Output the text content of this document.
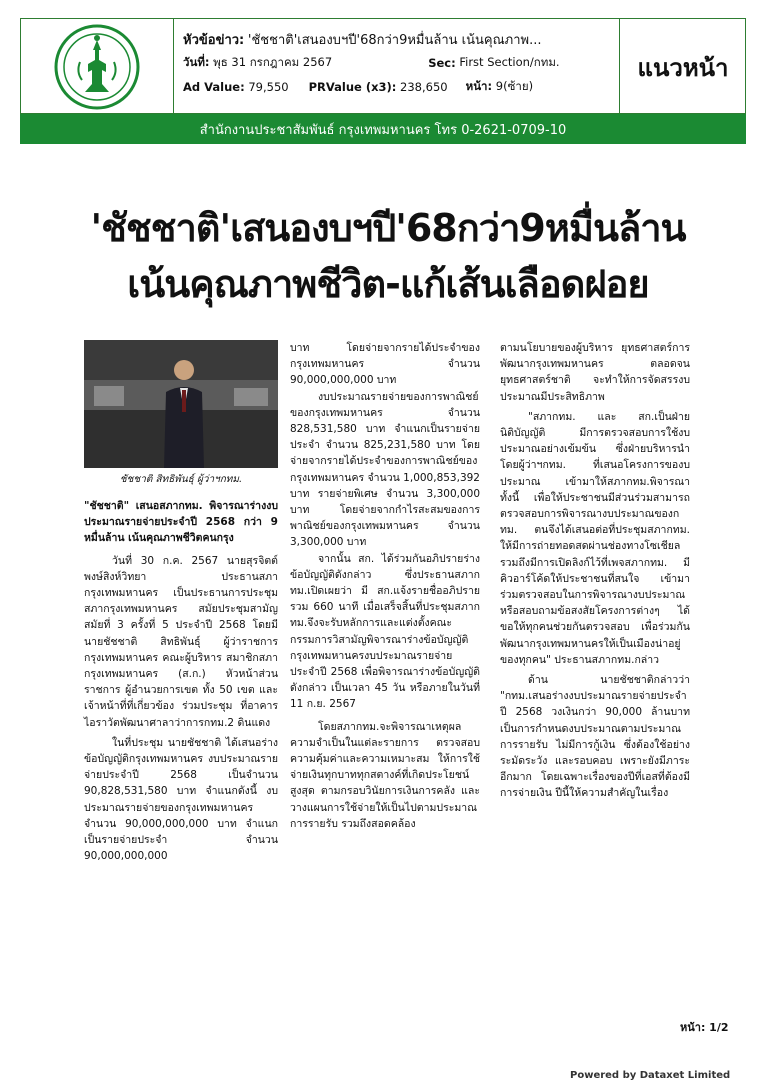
หัวข้อข่าว:
'ชัชชาติ'เสนองบฯปี'68กว่า9หมื่นล้าน เน้นคุณภาพ...
วันที่:
พุธ 31 กรกฎาคม 2567	Sec:
First Section/กทม.
Ad Value:
79,550 PRValue (x3):
238,650 หน้า:
9(ซ้าย)
แนวหน้า
สำนักงานประชาสัมพันธ์ กรุงเทพมหานคร โทร 0-2621-0709-10
'ชัชชาติ'เสนองบฯปี'68กว่า9หมื่นล้าน
เน้นคุณภาพชีวิต-แก้เส้นเลือดฝอย
ชัชชาติ สิทธิพันธุ์ ผู้ว่าฯกทม.

"ชัชชาติ" เสนอสภากทม. พิจารณาร่างงบประมาณรายจ่ายประจำปี 2568 กว่า 9 หมื่นล้าน เน้นคุณภาพชีวิตคนกรุง

วันที่ 30 ก.ค. 2567 นายสุรจิตต์ พงษ์สิงห์วิทยา ประธานสภากรุงเทพมหานคร เป็นประธานการประชุมสภากรุงเทพมหานคร สมัยประชุมสามัญ สมัยที่ 3 ครั้งที่ 5 ประจำปี 2568 โดยมี นายชัชชาติ สิทธิพันธุ์ ผู้ว่าราชการกรุงเทพมหานคร คณะผู้บริหาร สมาชิกสภากรุงเทพมหานคร (ส.ก.) หัวหน้าส่วนราชการ ผู้อำนวยการเขต ทั้ง 50 เขต และเจ้าหน้าที่ที่เกี่ยวข้อง ร่วมประชุม ที่อาคารไอราวัตพัฒนาศาลาว่าการกทม.2 ดินแดง

ในที่ประชุม นายชัชชาติ ได้เสนอร่างข้อบัญญัติกรุงเทพมหานคร งบประมาณรายจ่ายประจำปี 2568 เป็นจำนวน 90,828,531,580 บาท จำแนกดังนี้ งบประมาณรายจ่ายของกรุงเทพมหานคร จำนวน 90,000,000,000 บาท จำแนกเป็นรายจ่ายประจำ จำนวน 90,000,000,000

บาท โดยจ่ายจากรายได้ประจำของกรุงเทพมหานคร จำนวน 90,000,000,000 บาท

งบประมาณรายจ่ายของการพาณิชย์ของกรุงเทพมหานคร จำนวน 828,531,580 บาท จำแนกเป็นรายจ่ายประจำ จำนวน 825,231,580 บาท โดยจ่ายจากรายได้ประจำของการพาณิชย์ของกรุงเทพมหานคร จำนวน 1,000,853,392 บาท รายจ่ายพิเศษ จำนวน 3,300,000 บาท โดยจ่ายจากกำไรสะสมของการพาณิชย์ของกรุงเทพมหานคร จำนวน 3,300,000 บาท

จากนั้น สก. ได้ร่วมกันอภิปรายร่างข้อบัญญัติดังกล่าว ซึ่งประธานสภากทม.เปิดเผยว่า มี สก.แจ้งรายชื่ออภิปรายรวม 660 นาที เมื่อเสร็จสิ้นที่ประชุมสภากทม.จึงจะรับหลักการและแต่งตั้งคณะกรรมการวิสามัญพิจารณาร่างข้อบัญญัติกรุงเทพมหานครงบประมาณรายจ่ายประจำปี 2568 เพื่อพิจารณาร่างข้อบัญญัติดังกล่าว เป็นเวลา 45 วัน หรือภายในวันที่ 11 ก.ย. 2567

โดยสภากทม.จะพิจารณาเหตุผลความจำเป็นในแต่ละรายการ ตรวจสอบความคุ้มค่าและความเหมาะสม ให้การใช้จ่ายเงินทุกบาททุกสตางค์ที่เกิดประโยชน์สูงสุด ตามกรอบวินัยการเงินการคลัง และวางแผนการใช้จ่ายให้เป็นไปตามประมาณการรายรับ รวมถึงสอดคล้อง

ตามนโยบายของผู้บริหาร ยุทธศาสตร์การพัฒนากรุงเทพมหานคร ตลอดจนยุทธศาสตร์ชาติ จะทำให้การจัดสรรงบประมาณมีประสิทธิภาพ

"สภากทม. และ สก.เป็นฝ่ายนิติบัญญัติ มีการตรวจสอบการใช้งบประมาณอย่างเข้มข้น ซึ่งฝ่ายบริหารนำโดยผู้ว่าฯกทม. ที่เสนอโครงการของบประมาณ เข้ามาให้สภากทม.พิจารณา ทั้งนี้ เพื่อให้ประชาชนมีส่วนร่วมสามารถตรวจสอบการพิจารณางบประมาณของกทม. ตนจึงได้เสนอต่อที่ประชุมสภากทม. ให้มีการถ่ายทอดสดผ่านช่องทางโซเชียล รวมถึงมีการเปิดลิงก์ไว้ที่เพจสภากทม. มีคิวอาร์โค้ดให้ประชาชนที่สนใจ เข้ามาร่วมตรวจสอบในการพิจารณางบประมาณหรือสอบถามข้อสงสัยโครงการต่างๆ ได้ ขอให้ทุกคนช่วยกันตรวจสอบ เพื่อร่วมกันพัฒนากรุงเทพมหานครให้เป็นเมืองน่าอยู่ของทุกคน" ประธานสภากทม.กล่าว

ด้าน นายชัชชาติกล่าวว่า "กทม.เสนอร่างงบประมาณรายจ่ายประจำปี 2568 วงเงินกว่า 90,000 ล้านบาท เป็นการกำหนดงบประมาณตามประมาณการรายรับ ไม่มีการกู้เงิน ซึ่งต้องใช้อย่างระมัดระวัง และรอบคอบ เพราะยังมีภาระอีกมาก โดยเฉพาะเรื่องของปีที่เอสที่ต้องมีการจ่ายเงิน ปีนี้ให้ความสำคัญในเรื่อง

หน้า: 1/2
Powered by Dataxet Limited
